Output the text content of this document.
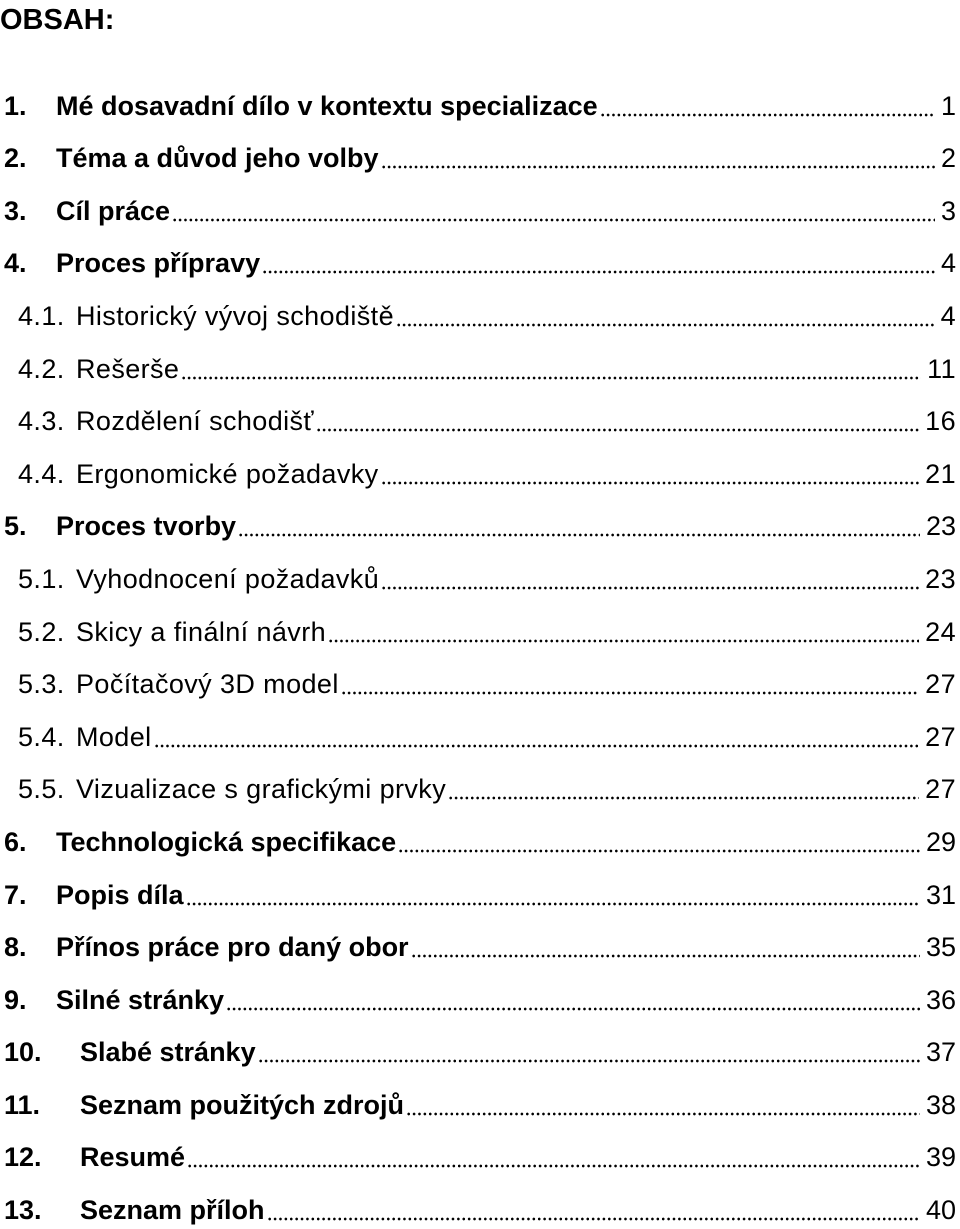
OBSAH:
1.	Mé dosavadní dílo v kontextu specializace	1
2.	Téma a důvod jeho volby	2
3.	Cíl práce	3
4.	Proces přípravy	4
4.1. Historický vývoj schodiště	4
4.2. Rešerše	11
4.3. Rozdělení schodišť	16
4.4. Ergonomické požadavky	21
5.	Proces tvorby	23
5.1. Vyhodnocení požadavků	23
5.2. Skicy a finální návrh	24
5.3. Počítačový 3D model	27
5.4. Model	27
5.5. Vizualizace s grafickými prvky	27
6.	Technologická specifikace	29
7.	Popis díla	31
8.	Přínos práce pro daný obor	35
9.	Silné stránky	36
10.	Slabé stránky	37
11.	Seznam použitých zdrojů	38
12.	Resumé	39
13.	Seznam příloh	40
